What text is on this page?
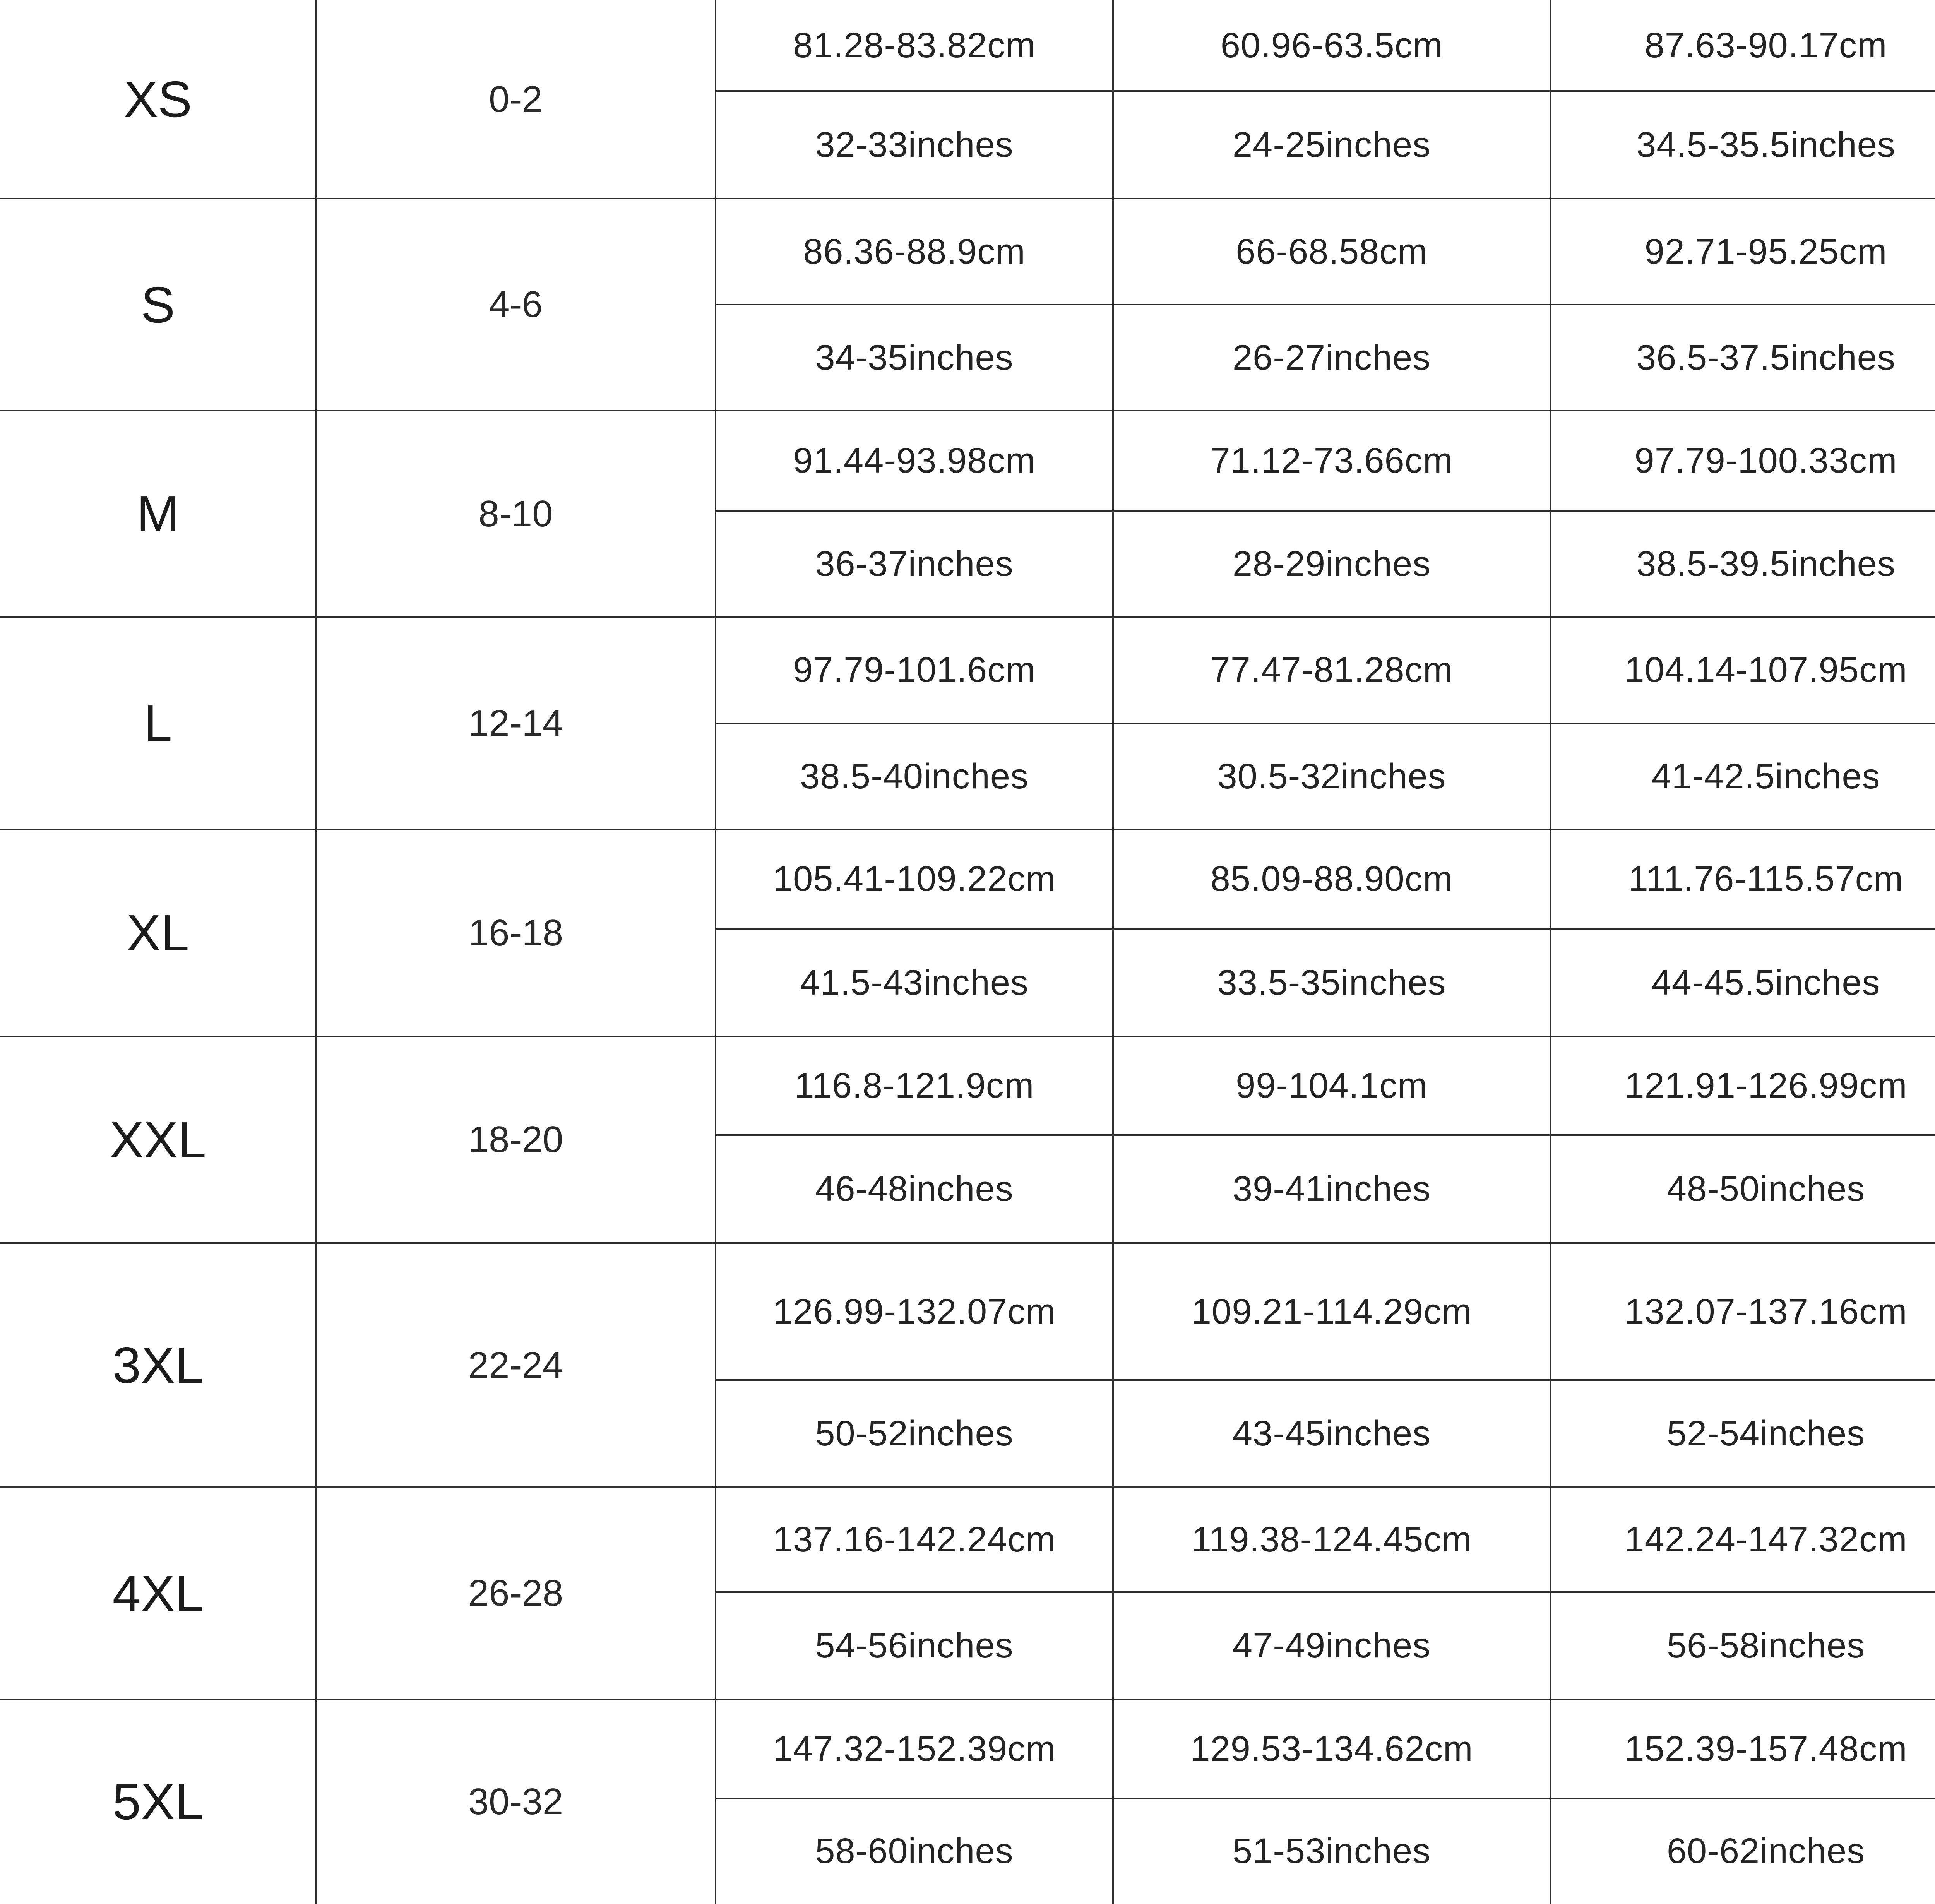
XS	0-2
81.28-83.82cm
32-33inches
60.96-63.5cm
24-25inches
87.63-90.17cm
34.5-35.5inches
S	4-6
86.36-88.9cm
34-35inches
66-68.58cm
26-27inches
92.71-95.25cm
36.5-37.5inches
M	8-10
91.44-93.98cm
36-37inches
71.12-73.66cm
28-29inches
97.79-100.33cm
38.5-39.5inches
L	12-14
97.79-101.6cm
38.5-40inches
77.47-81.28cm
30.5-32inches
104.14-107.95cm
41-42.5inches
XL	16-18
105.41-109.22cm
41.5-43inches
85.09-88.90cm
33.5-35inches
111.76-115.57cm
44-45.5inches
XXL	18-20
116.8-121.9cm
46-48inches
99-104.1cm
39-41inches
121.91-126.99cm
48-50inches
3XL	22-24
126.99-132.07cm
50-52inches
109.21-114.29cm
43-45inches
132.07-137.16cm
52-54inches
4XL	26-28
137.16-142.24cm
54-56inches
119.38-124.45cm
47-49inches
142.24-147.32cm
56-58inches
5XL	30-32
147.32-152.39cm
58-60inches
129.53-134.62cm
51-53inches
152.39-157.48cm
60-62inches
